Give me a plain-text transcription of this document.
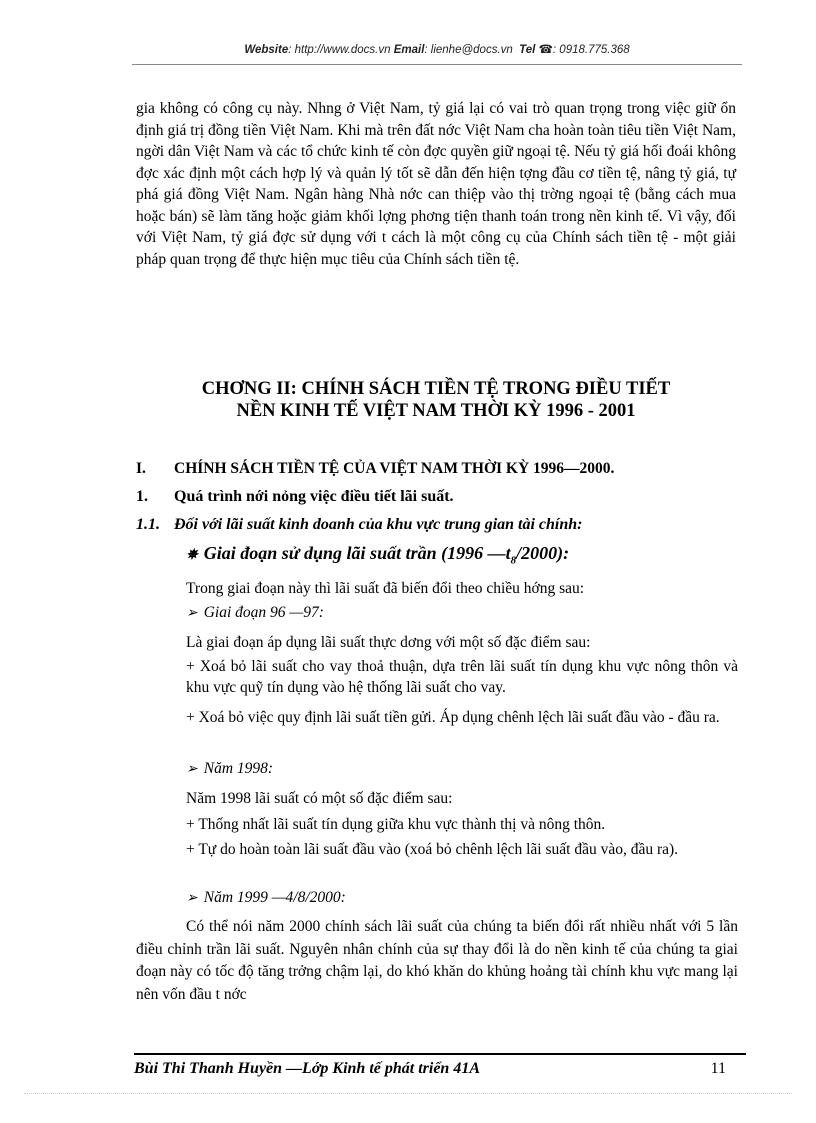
Website: http://www.docs.vn Email: lienhe@docs.vn Tel ☎: 0918.775.368
gia không có công cụ này. Nhng ở Việt Nam, tỷ giá lại có vai trò quan trọng trong việc giữ ổn định giá trị đồng tiền Việt Nam. Khi mà trên đất nớc Việt Nam cha hoàn toàn tiêu tiền Việt Nam, ngời dân Việt Nam và các tổ chức kinh tế còn đợc quyền giữ ngoại tệ. Nếu tỷ giá hối đoái không đợc xác định một cách hợp lý và quản lý tốt sẽ dẫn đến hiện tợng đầu cơ tiền tệ, nâng tỷ giá, tự phá giá đồng Việt Nam. Ngân hàng Nhà nớc can thiệp vào thị trờng ngoại tệ (bằng cách mua hoặc bán) sẽ làm tăng hoặc giảm khối lợng phơng tiện thanh toán trong nền kinh tế. Vì vậy, đối với Việt Nam, tỷ giá đợc sử dụng với t cách là một công cụ của Chính sách tiền tệ - một giải pháp quan trọng để thực hiện mục tiêu của Chính sách tiền tệ.
CHƠNG II: CHÍNH SÁCH TIỀN TỆ TRONG ĐIỀU TIẾT
NỀN KINH TẾ VIỆT NAM THỜI KỲ 1996 - 2001
I. CHÍNH SÁCH TIỀN TỆ CỦA VIỆT NAM THỜI KỲ 1996—2000.
1. Quá trình nới nỏng việc điều tiết lãi suất.
1.1. Đối với lãi suất kinh doanh của khu vực trung gian tài chính:
✵ Giai đoạn sử dụng lãi suất trần (1996 $—t_8/2000$):
Trong giai đoạn này thì lãi suất đã biến đổi theo chiều hớng sau:
➢ Giai đoạn 96 —97:
Là giai đoạn áp dụng lãi suất thực dơng với một số đặc điểm sau:
+ Xoá bỏ lãi suất cho vay thoả thuận, dựa trên lãi suất tín dụng khu vực nông thôn và khu vực quỹ tín dụng vào hệ thống lãi suất cho vay.
+ Xoá bỏ việc quy định lãi suất tiền gửi. Áp dụng chênh lệch lãi suất đầu vào - đầu ra.
➢ Năm 1998:
Năm 1998 lãi suất có một số đặc điểm sau:
+ Thống nhất lãi suất tín dụng giữa khu vực thành thị và nông thôn.
+ Tự do hoàn toàn lãi suất đầu vào (xoá bỏ chênh lệch lãi suất đầu vào, đầu ra).
➢ Năm 1999 —4/8/2000:
Có thể nói năm 2000 chính sách lãi suất của chúng ta biến đổi rất nhiều nhất với 5 lần điều chỉnh trần lãi suất. Nguyên nhân chính của sự thay đổi là do nền kinh tế của chúng ta giai đoạn này có tốc độ tăng trởng chậm lại, do khó khăn do khủng hoảng tài chính khu vực mang lại nên vốn đầu t nớc
Bùi Thi Thanh Huyền —Lớp Kinh tế phát triển 41A	11
